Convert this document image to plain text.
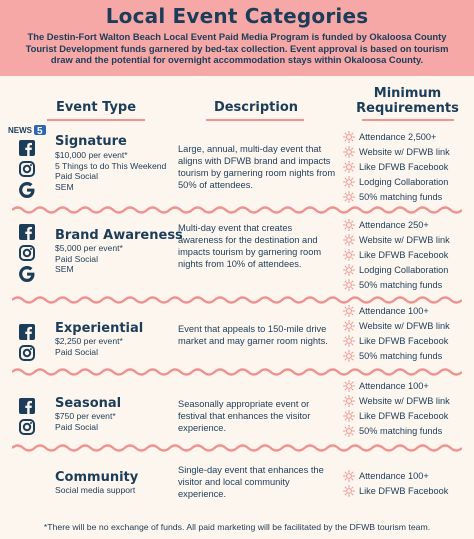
Local Event Categories

The Destin-Fort Walton Beach Local Event Paid Media Program is funded by Okaloosa County Tourist Development funds garnered by bed-tax collection. Event approval is based on tourism draw and the potential for overnight accommodation stays within Okaloosa County.

Event Type	Description
Minimum Requirements
NEWS 5
Signature
$10,000 per event*
5 Things to do This Weekend
Paid Social
SEM
Large, annual, multi-day event that aligns with DFWB brand and impacts tourism by garnering room nights from 50% of attendees.
Attendance 2,500+
Website w/ DFWB link
Like DFWB Facebook
Lodging Collaboration
50% matching funds
Brand Awareness
$5,000 per event*
Paid Social
SEM
Multi-day event that creates awareness for the destination and impacts tourism by garnering room nights from 10% of attendees.
Attendance 250+
Website w/ DFWB link
Like DFWB Facebook
Lodging Collaboration
50% matching funds
Experiential
$2,250 per event*
Paid Social
Event that appeals to 150-mile drive market and may garner room nights.
Attendance 100+
Website w/ DFWB link
Like DFWB Facebook
50% matching funds
Seasonal
$750 per event*
Paid Social
Seasonally appropriate event or festival that enhances the visitor experience.
Attendance 100+
Website w/ DFWB link
Like DFWB Facebook
50% matching funds
Community
Social media support
Single-day event that enhances the visitor and local community experience.
Attendance 100+
Like DFWB Facebook
*There will be no exchange of funds. All paid marketing will be facilitated by the DFWB tourism team.
